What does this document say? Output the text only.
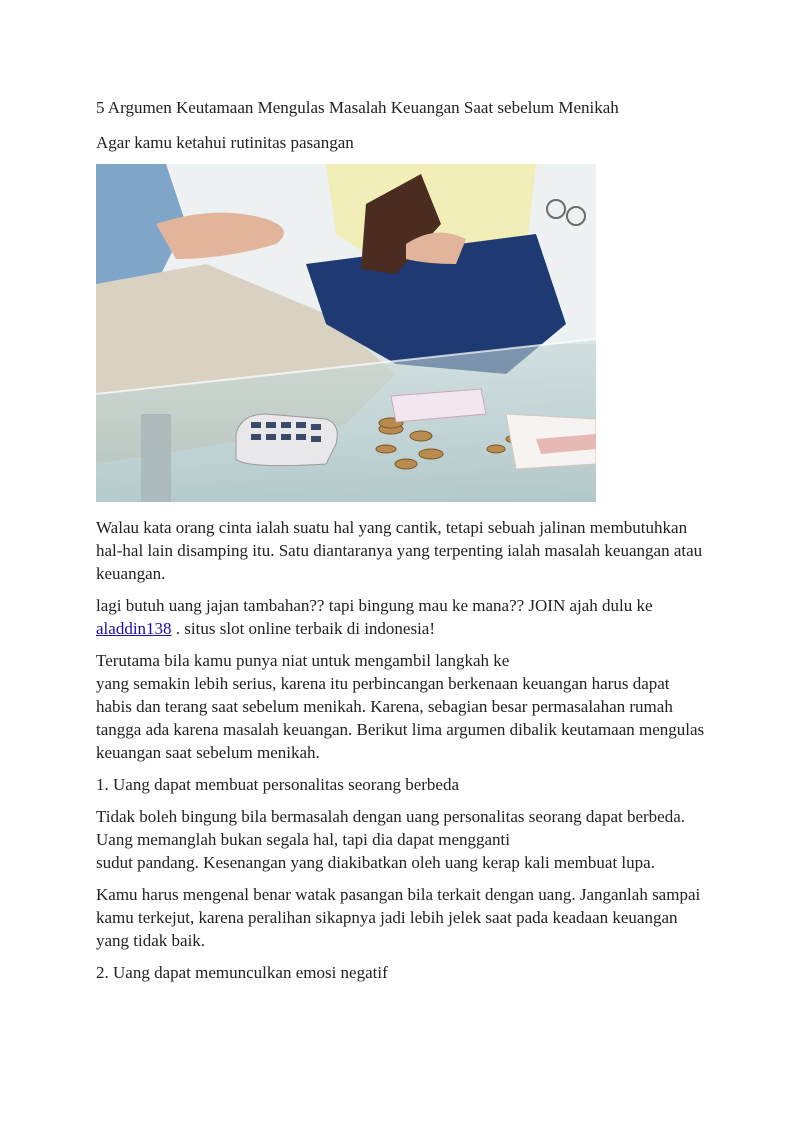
5 Argumen Keutamaan Mengulas Masalah Keuangan Saat sebelum Menikah

Agar kamu ketahui rutinitas pasangan

Walau kata orang cinta ialah suatu hal yang cantik, tetapi sebuah jalinan membutuhkan hal-hal lain disamping itu. Satu diantaranya yang terpenting ialah masalah keuangan atau keuangan.

lagi butuh uang jajan tambahan?? tapi bingung mau ke mana?? JOIN ajah dulu ke aladdin138 . situs slot online terbaik di indonesia!

Terutama bila kamu punya niat untuk mengambil langkah ke
yang semakin lebih serius, karena itu perbincangan berkenaan keuangan harus dapat habis dan terang saat sebelum menikah. Karena, sebagian besar permasalahan rumah tangga ada karena masalah keuangan. Berikut lima argumen dibalik keutamaan mengulas keuangan saat sebelum menikah.

1. Uang dapat membuat personalitas seorang berbeda

Tidak boleh bingung bila bermasalah dengan uang personalitas seorang dapat berbeda. Uang memanglah bukan segala hal, tapi dia dapat mengganti
sudut pandang. Kesenangan yang diakibatkan oleh uang kerap kali membuat lupa.

Kamu harus mengenal benar watak pasangan bila terkait dengan uang. Janganlah sampai kamu terkejut, karena peralihan sikapnya jadi lebih jelek saat pada keadaan keuangan yang tidak baik.

2. Uang dapat memunculkan emosi negatif
